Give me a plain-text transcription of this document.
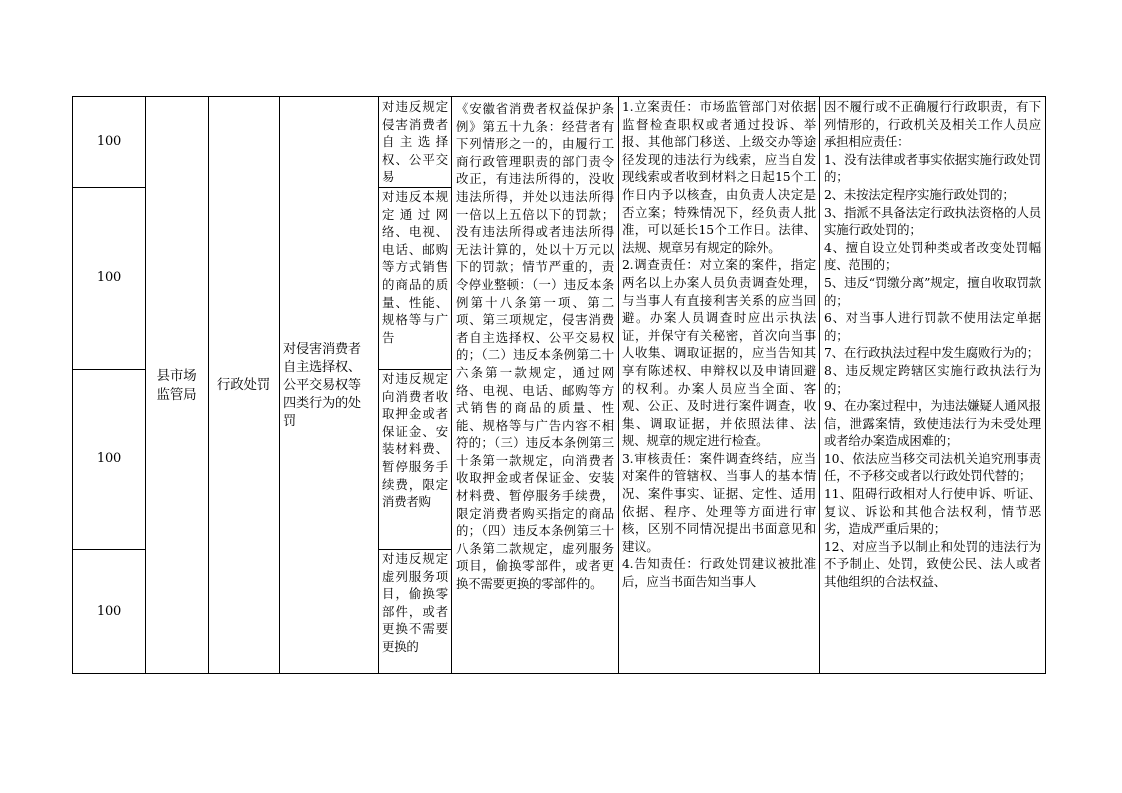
100
100
100
100
县市场监管局
行政处罚
对侵害消费者自主选择权、公平交易权等四类行为的处罚
对违反规定侵害消费者自主选择权、公平交易
对违反本规定通过网络、电视、电话、邮购等方式销售的商品的质量、性能、规格等与广告
对违反规定向消费者收取押金或者保证金、安装材料费、暂停服务手续费，限定消费者购
对违反规定虚列服务项目，偷换零部件，或者更换不需要更换的
《安徽省消费者权益保护条例》第五十九条：经营者有下列情形之一的，由履行工商行政管理职责的部门责令改正，有违法所得的，没收违法所得，并处以违法所得一倍以上五倍以下的罚款；没有违法所得或者违法所得无法计算的，处以十万元以下的罚款；情节严重的，责令停业整顿：（一）违反本条例第十八条第一项、第二项、第三项规定，侵害消费者自主选择权、公平交易权的；（二）违反本条例第二十六条第一款规定，通过网络、电视、电话、邮购等方式销售的商品的质量、性能、规格等与广告内容不相符的；（三）违反本条例第三十条第一款规定，向消费者收取押金或者保证金、安装材料费、暂停服务手续费，限定消费者购买指定的商品的；（四）违反本条例第三十八条第二款规定，虚列服务项目，偷换零部件，或者更换不需要更换的零部件的。
1.立案责任：市场监管部门对依据监督检查职权或者通过投诉、举报、其他部门移送、上级交办等途径发现的违法行为线索，应当自发现线索或者收到材料之日起15个工作日内予以核查，由负责人决定是否立案；特殊情况下，经负责人批准，可以延长15个工作日。法律、法规、规章另有规定的除外。
2.调查责任：对立案的案件，指定两名以上办案人员负责调查处理，与当事人有直接利害关系的应当回避。办案人员调查时应出示执法证，并保守有关秘密，首次向当事人收集、调取证据的，应当告知其享有陈述权、申辩权以及申请回避的权利。办案人员应当全面、客观、公正、及时进行案件调查，收集、调取证据，并依照法律、法规、规章的规定进行检查。
3.审核责任：案件调查终结，应当对案件的管辖权、当事人的基本情况、案件事实、证据、定性、适用依据、程序、处理等方面进行审核，区别不同情况提出书面意见和建议。
4.告知责任：行政处罚建议被批准后，应当书面告知当事人
因不履行或不正确履行行政职责，有下列情形的，行政机关及相关工作人员应承担相应责任：
1、没有法律或者事实依据实施行政处罚的；
2、未按法定程序实施行政处罚的；
3、指派不具备法定行政执法资格的人员实施行政处罚的；
4、擅自设立处罚种类或者改变处罚幅度、范围的；
5、违反“罚缴分离”规定，擅自收取罚款的；
6、对当事人进行罚款不使用法定单据的；
7、在行政执法过程中发生腐败行为的；
8、违反规定跨辖区实施行政执法行为的；
9、在办案过程中，为违法嫌疑人通风报信，泄露案情，致使违法行为未受处理或者给办案造成困难的；
10、依法应当移交司法机关追究刑事责任，不予移交或者以行政处罚代替的；
11、阻碍行政相对人行使申诉、听证、复议、诉讼和其他合法权利，情节恶劣，造成严重后果的；
12、对应当予以制止和处罚的违法行为不予制止、处罚，致使公民、法人或者其他组织的合法权益、
